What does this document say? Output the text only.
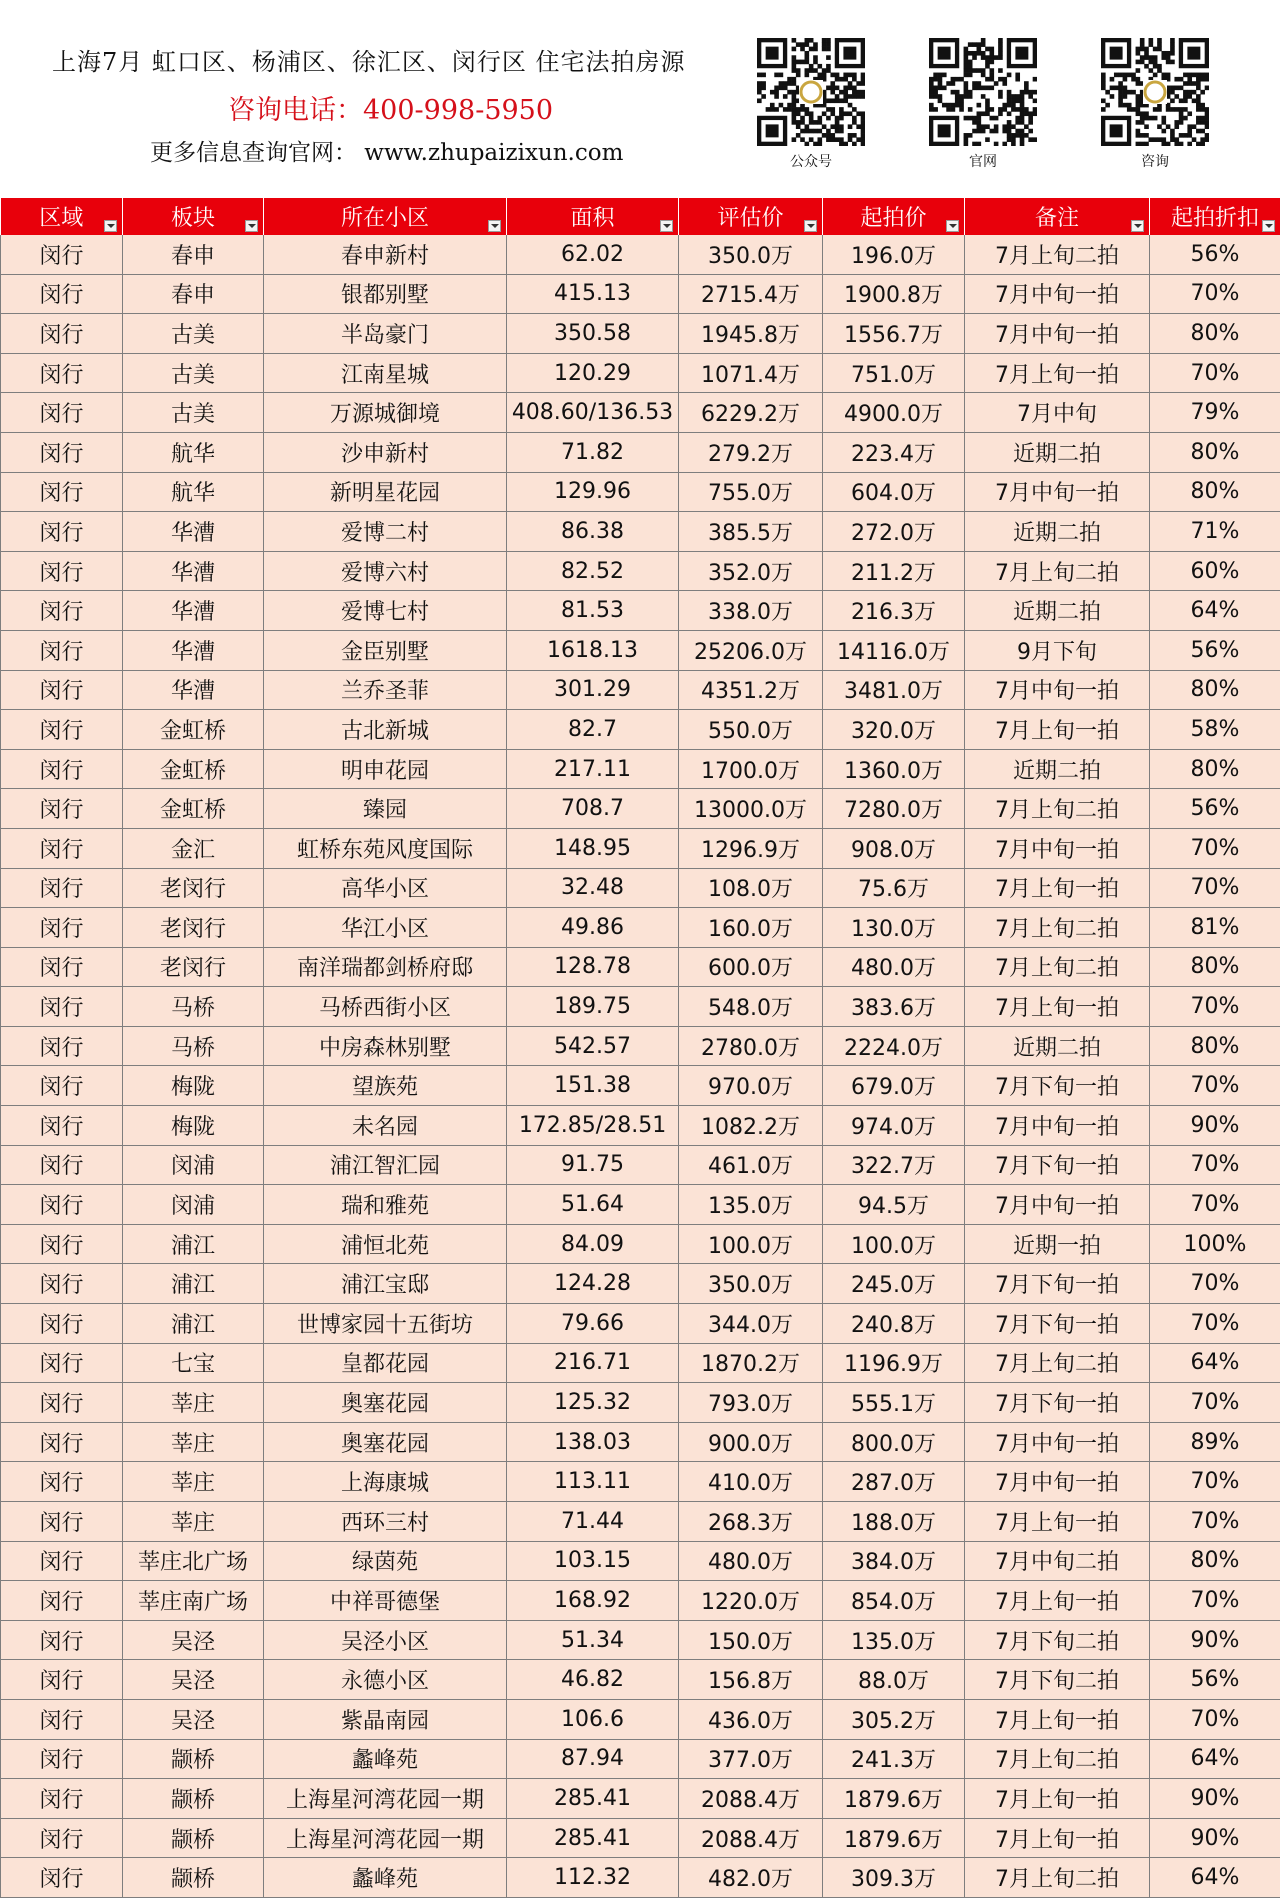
上海7月 虹口区、杨浦区、徐汇区、闵行区 住宅法拍房源
咨询电话：400-998-5950
更多信息查询官网： www.zhupaizixun.com	公众号	官网	咨询
区域	板块	所在小区	面积	评估价	起拍价	备注	起拍折扣

闵行	春申	春申新村	62.02	350.0万	196.0万	7月上旬二拍	56%
闵行	春申	银都别墅	415.13	2715.4万	1900.8万	7月中旬一拍	70%
闵行	古美	半岛豪门	350.58	1945.8万	1556.7万	7月中旬一拍	80%
闵行	古美	江南星城	120.29	1071.4万	751.0万	7月上旬一拍	70%
闵行	古美	万源城御境	408.60/136.53	6229.2万	4900.0万	7月中旬	79%
闵行	航华	沙申新村	71.82	279.2万	223.4万	近期二拍	80%
闵行	航华	新明星花园	129.96	755.0万	604.0万	7月中旬一拍	80%
闵行	华漕	爱博二村	86.38	385.5万	272.0万	近期二拍	71%
闵行	华漕	爱博六村	82.52	352.0万	211.2万	7月上旬二拍	60%
闵行	华漕	爱博七村	81.53	338.0万	216.3万	近期二拍	64%
闵行	华漕	金臣别墅	1618.13	25206.0万	14116.0万	9月下旬	56%
闵行	华漕	兰乔圣菲	301.29	4351.2万	3481.0万	7月中旬一拍	80%
闵行	金虹桥	古北新城	82.7	550.0万	320.0万	7月上旬一拍	58%
闵行	金虹桥	明申花园	217.11	1700.0万	1360.0万	近期二拍	80%
闵行	金虹桥	臻园	708.7	13000.0万	7280.0万	7月上旬二拍	56%
闵行	金汇	虹桥东苑风度国际	148.95	1296.9万	908.0万	7月中旬一拍	70%
闵行	老闵行	高华小区	32.48	108.0万	75.6万	7月上旬一拍	70%
闵行	老闵行	华江小区	49.86	160.0万	130.0万	7月上旬二拍	81%
闵行	老闵行	南洋瑞都剑桥府邸	128.78	600.0万	480.0万	7月上旬二拍	80%
闵行	马桥	马桥西街小区	189.75	548.0万	383.6万	7月上旬一拍	70%
闵行	马桥	中房森林别墅	542.57	2780.0万	2224.0万	近期二拍	80%
闵行	梅陇	望族苑	151.38	970.0万	679.0万	7月下旬一拍	70%
闵行	梅陇	未名园	172.85/28.51	1082.2万	974.0万	7月中旬一拍	90%
闵行	闵浦	浦江智汇园	91.75	461.0万	322.7万	7月下旬一拍	70%
闵行	闵浦	瑞和雅苑	51.64	135.0万	94.5万	7月中旬一拍	70%
闵行	浦江	浦恒北苑	84.09	100.0万	100.0万	近期一拍	100%
闵行	浦江	浦江宝邸	124.28	350.0万	245.0万	7月下旬一拍	70%
闵行	浦江	世博家园十五街坊	79.66	344.0万	240.8万	7月下旬一拍	70%
闵行	七宝	皇都花园	216.71	1870.2万	1196.9万	7月上旬二拍	64%
闵行	莘庄	奥塞花园	125.32	793.0万	555.1万	7月下旬一拍	70%
闵行	莘庄	奥塞花园	138.03	900.0万	800.0万	7月中旬一拍	89%
闵行	莘庄	上海康城	113.11	410.0万	287.0万	7月中旬一拍	70%
闵行	莘庄	西环三村	71.44	268.3万	188.0万	7月上旬一拍	70%
闵行	莘庄北广场	绿茵苑	103.15	480.0万	384.0万	7月中旬二拍	80%
闵行	莘庄南广场	中祥哥德堡	168.92	1220.0万	854.0万	7月上旬一拍	70%
闵行	吴泾	吴泾小区	51.34	150.0万	135.0万	7月下旬二拍	90%
闵行	吴泾	永德小区	46.82	156.8万	88.0万	7月下旬二拍	56%
闵行	吴泾	紫晶南园	106.6	436.0万	305.2万	7月上旬一拍	70%
闵行	颛桥	蠡峰苑	87.94	377.0万	241.3万	7月上旬二拍	64%
闵行	颛桥	上海星河湾花园一期	285.41	2088.4万	1879.6万	7月上旬一拍	90%
闵行	颛桥	上海星河湾花园一期	285.41	2088.4万	1879.6万	7月上旬一拍	90%
闵行	颛桥	蠡峰苑	112.32	482.0万	309.3万	7月上旬二拍	64%
